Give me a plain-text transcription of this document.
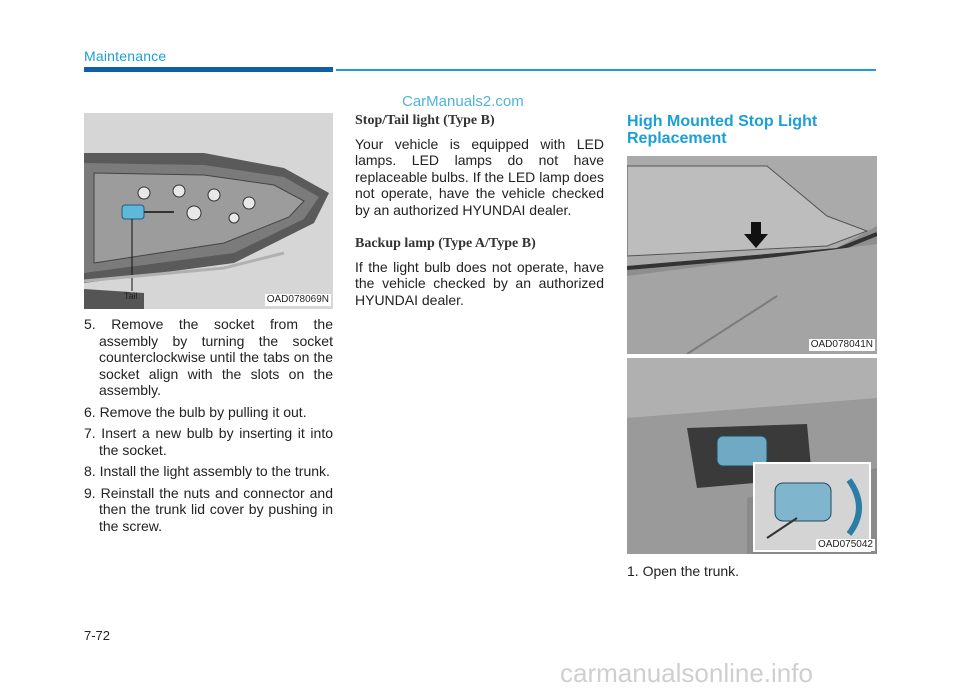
Maintenance
CarManuals2.com
Tail	OAD078069N
5. Remove the socket from the assembly by turning the socket counterclockwise until the tabs on the socket align with the slots on the assembly.
6. Remove the bulb by pulling it out.
7. Insert a new bulb by inserting it into the socket.
8. Install the light assembly to the trunk.
9. Reinstall the nuts and connector and then the trunk lid cover by pushing in the screw.
Stop/Tail light (Type B)
Your vehicle is equipped with LED lamps. LED lamps do not have replaceable bulbs. If the LED lamp does not operate, have the vehicle checked by an authorized HYUNDAI dealer.
Backup lamp (Type A/Type B)
If the light bulb does not operate, have the vehicle checked by an authorized HYUNDAI dealer.
High Mounted Stop Light Replacement
OAD078041N
OAD075042
1. Open the trunk.
7-72
carmanualsonline.info
